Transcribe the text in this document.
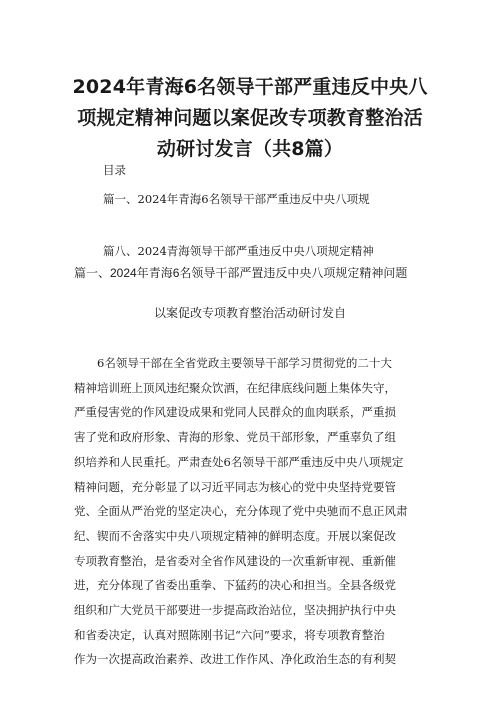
2024年青海6名领导干部严重违反中央八
项规定精神问题以案促改专项教育整治活
动研讨发言（共8篇）

目录

篇一、2024年青海6名领导干部严重违反中央八项规

篇八、2024青海领导干部严重违反中央八项规定精神

篇一、2024年青海6名领导干部严置违反中央八项规定精神问题

以案促改专项教育整治活动研讨发自

6名领导干部在全省党政主要领导干部学习贯彻党的二十大
精神培训班上顶风违纪聚众饮酒，在纪律底线问题上集体失守，
严重侵害党的作风建设成果和党同人民群众的血肉联系，严重损
害了党和政府形象、青海的形象、党员干部形象，严重辜负了组
织培养和人民重托。严肃查处6名领导干部严重违反中央八项规定
精神问题，充分彰显了以习近平同志为核心的党中央坚持党要管
党、全面从严治党的坚定决心，充分体现了党中央驰而不息正风肃
纪、锲而不舍落实中央八项规定精神的鲜明态度。开展以案促改
专项教育整治，是省委对全省作风建设的一次重新审视、重新催
进，充分体现了省委出重拳、下猛药的决心和担当。全县各级党
组织和广大党员干部要进一步提高政治站位，坚决拥护执行中央
和省委决定，认真对照陈刚书记“六问”要求，将专项教育整治
作为一次提高政治素养、改进工作作风、净化政治生态的有利契
